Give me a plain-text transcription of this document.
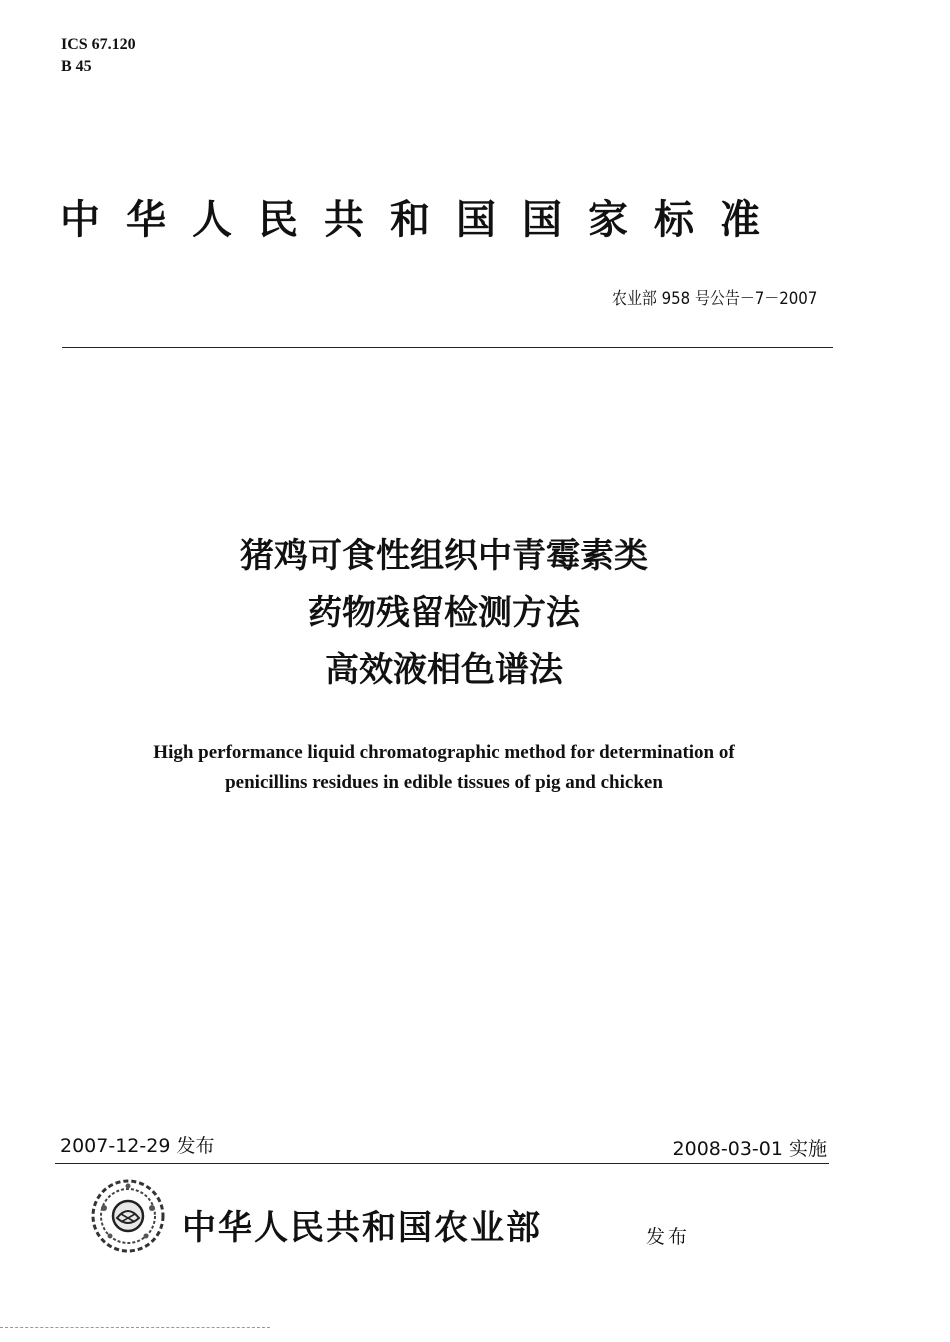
ICS 67.120
B 45
中华人民共和国国家标准
农业部 958 号公告－7－2007
猪鸡可食性组织中青霉素类
药物残留检测方法
高效液相色谱法
High performance liquid chromatographic method for determination of
penicillins residues in edible tissues of pig and chicken
2007-12-29 发布	2008-03-01 实施
中华人民共和国农业部	发布
